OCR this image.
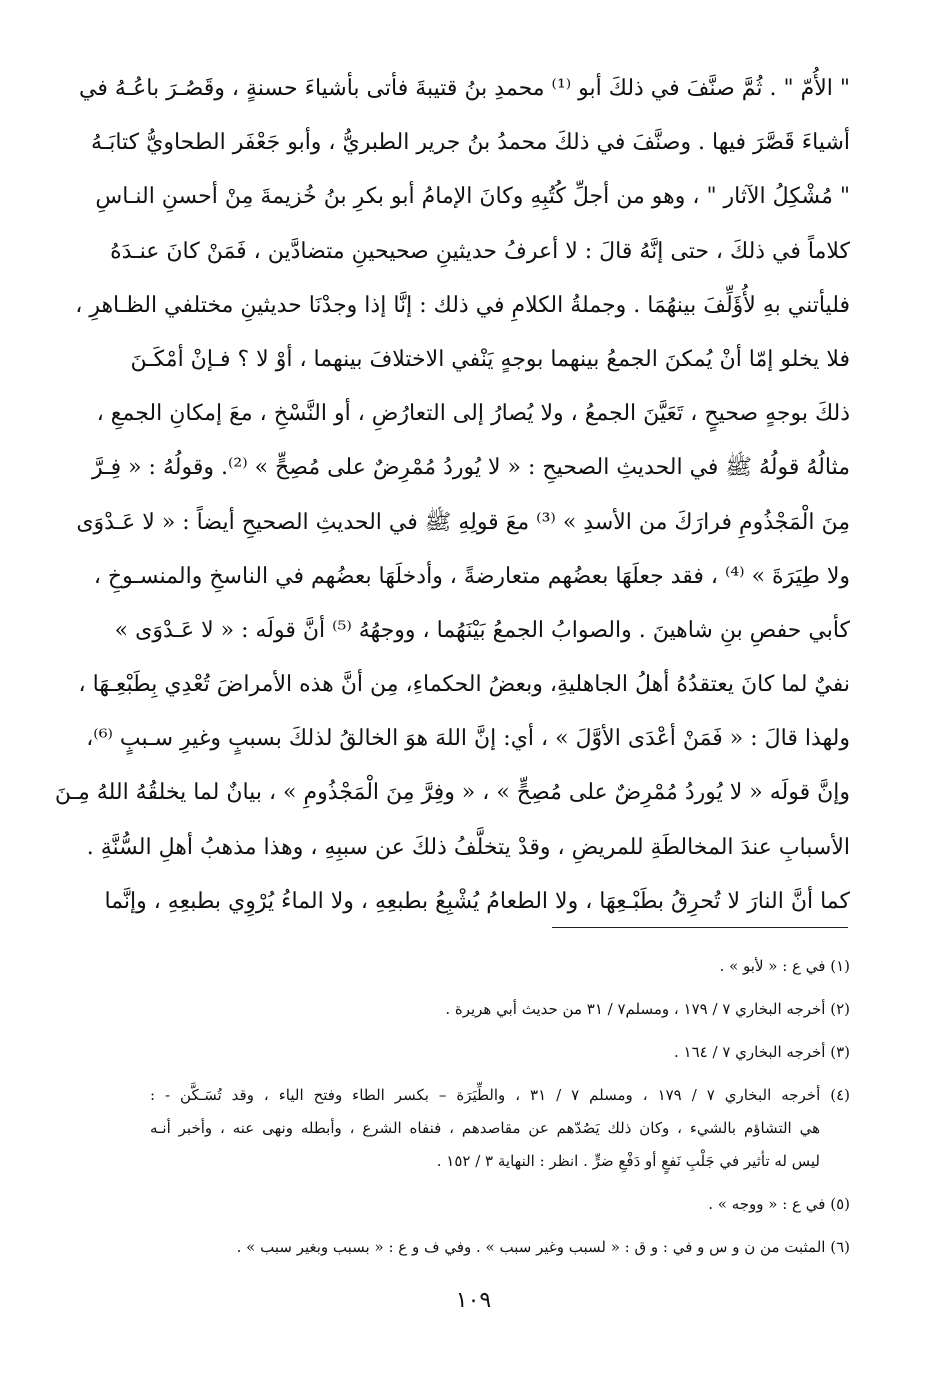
" الأُمّ " . ثُمَّ صنَّفَ في ذلكَ أبو ⁽¹⁾ محمدِ بنُ قتيبةَ فأتى بأشياءَ حسنةٍ ، وقَصُـرَ باعُـهُ في
أشياءَ قَصَّرَ فيها . وصنَّفَ في ذلكَ محمدُ بنُ جرير الطبريُّ ، وأبو جَعْفَر الطحاويُّ كتابَـهُ
" مُشْكِلُ الآثار " ، وهو من أجلِّ كُتُبِهِ وكانَ الإمامُ أبو بكرِ بنُ خُزيمةَ مِنْ أحسنِ النـاسِ
كلاماً في ذلكَ ، حتى إنَّهُ قالَ : لا أعرفُ حديثينِ صحيحينِ متضادَّين ، فَمَنْ كانَ عنـدَهُ
فليأتني بهِ لأُؤَلِّفَ بينهُمَا . وجملةُ الكلامِ في ذلك : إنَّا إذا وجدْنَا حديثينِ مختلفي الظـاهرِ ،
فلا يخلو إمّا أنْ يُمكنَ الجمعُ بينهما بوجهٍ يَنْفي الاختلافَ بينهما ، أوْ لا ؟ فـإنْ أمْكَـنَ
ذلكَ بوجهٍ صحيحٍ ، تَعَيَّنَ الجمعُ ، ولا يُصارُ إلى التعارُضِ ، أو النَّسْخِ ، معَ إمكانِ الجمعِ ،
مثالُهُ قولُهُ ﷺ في الحديثِ الصحيحِ : « لا يُوردُ مُمْرِضٌ على مُصِحٍّ » ⁽²⁾. وقولُهُ : « فِـرَّ
مِنَ الْمَجْذُومِ فرارَكَ من الأسدِ » ⁽³⁾ معَ قولِهِ ﷺ في الحديثِ الصحيحِ أيضاً : « لا عَـدْوَى
ولا طِيَرَةَ » ⁽⁴⁾ ، فقد جعلَهَا بعضُهم متعارضةً ، وأدخلَهَا بعضُهم في الناسخِ والمنسـوخِ ،
كأبي حفصِ بنِ شاهينَ . والصوابُ الجمعُ بَيْنَهُما ، ووجهُهُ ⁽⁵⁾ أنَّ قولَه : « لا عَـدْوَى »
نفيٌ لما كانَ يعتقدُهُ أهلُ الجاهليةِ، وبعضُ الحكماءِ، مِن أنَّ هذه الأمراضَ تُعْدِي بِطَبْعِـهَا ،
ولهذا قالَ : « فَمَنْ أعْدَى الأوَّلَ » ، أي: إنَّ اللهَ هوَ الخالقُ لذلكَ بسببٍ وغيرِ سـببٍ ⁽⁶⁾،
وإنَّ قولَه « لا يُوردُ مُمْرِضٌ على مُصِحٍّ » ، « وفِرَّ مِنَ الْمَجْذُومِ » ، بيانٌ لما يخلقُهُ اللهُ مِـنَ
الأسبابِ عندَ المخالطَةِ للمريضِ ، وقدْ يتخلَّفُ ذلكَ عن سببِهِ ، وهذا مذهبُ أهلِ السُّنَّةِ .
كما أنَّ النارَ لا تُحرِقُ بطَبْـعِهَا ، ولا الطعامُ يُشْبِعُ بطبعِهِ ، ولا الماءُ يُرْوِي بطبعِهِ ، وإنَّما
(١) في ع : « لأبو » .
(٢) أخرجه البخاري ٧ / ١٧٩ ، ومسلم٧ / ٣١ من حديث أبي هريرة .
(٣) أخرجه البخاري ٧ / ١٦٤ .
(٤) أخرجه البخاري ٧ / ١٧٩ ، ومسلم ٧ / ٣١ ، والطِّيَرَة – بكسر الطاء وفتح الياء ، وقد تُسَـكَّن - :
هي التشاؤم بالشيء ، وكان ذلك يَصُدّهم عن مقاصدهم ، فنفاه الشرع ، وأبطله ونهى عنه ، وأخبر أنـه
ليس له تأثير في جَلْبِ نَفعٍ أو دَفْعِ ضرٍّ . انظر : النهاية ٣ / ١٥٢ .
(٥) في ع : « ووجه » .
(٦) المثبت من ن و س و في : و ق : « لسبب وغير سبب » . وفي ف و ع : « بسبب وبغير سبب » .
١٠٩
